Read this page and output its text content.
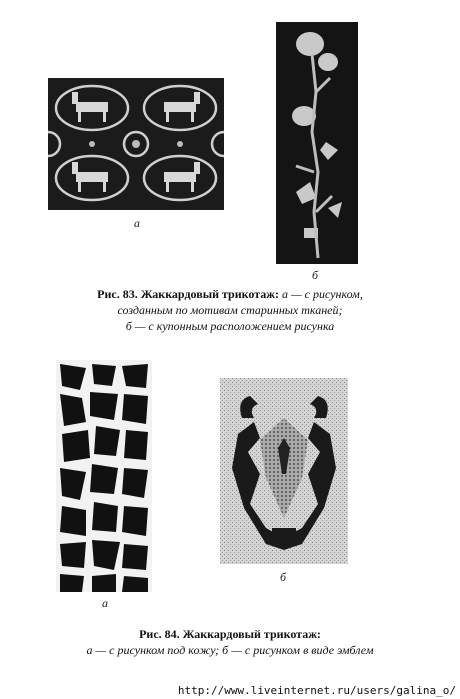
а
б
Рис. 83. Жаккардовый трикотаж: а — с рисунком,
созданным по мотивам старинных тканей;
б — с купонным расположением рисунка
а
б
Рис. 84. Жаккардовый трикотаж:
а — с рисунком под кожу; б — с рисунком в виде эмблем
http://www.liveinternet.ru/users/galina_o/
